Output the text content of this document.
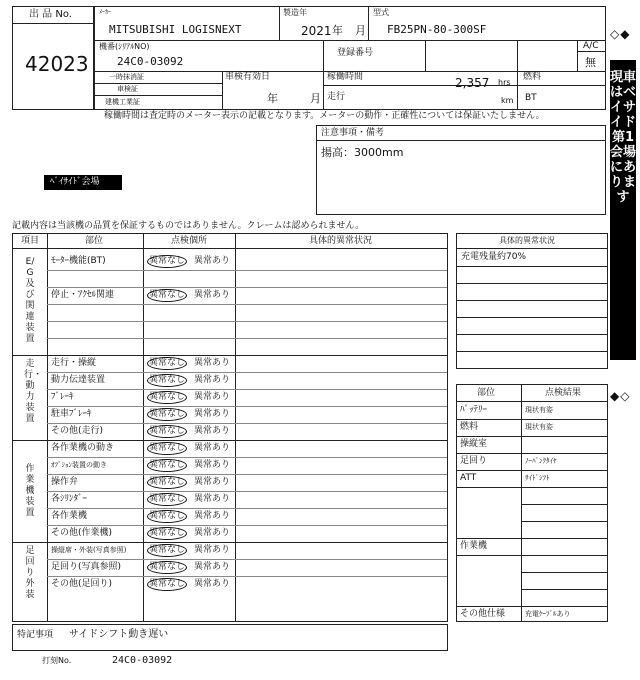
出 品 No.
42023
ﾒｰｶｰ
MITSUBISHI LOGISNEXT
製造年
2021 年 月
型式
FB25PN-80-300SF
機番(ｼﾘｱﾙNO)
24C0-03092
登録番号
A/C
無
一時抹消証
車検証
建機工業証
車検有効日
年	月
稼働時間	2,357 hrs
走行	km
燃料
BT
稼働時間は査定時のメーター表示の記載となります。メーターの動作・正確性については保証いたしません。
注意事項・備考
揚高：3000mm
ﾍﾞｲｻｲﾄﾞ会場
◇◆
現車はベイサイド第1会場にあります
◆◇
記載内容は当該機の品質を保証するものではありません。クレームは認められません。
項目	部位	点検個所	具体的異常状況
ﾓｰﾀｰ機能(BT)	異常なし 異常あり
停止・ｱｸｾﾙ関連	異常なし 異常あり
E/G及び関連装置
走行・操縦	異常なし 異常あり
動力伝達装置	異常なし 異常あり
ﾌﾞﾚｰｷ	異常なし 異常あり
駐車ﾌﾞﾚｰｷ	異常なし 異常あり
その他(走行)	異常なし 異常あり
走行・動力装置
各作業機の動き	異常なし 異常あり
ｵﾌﾟｼｮﾝ装置の動き	異常なし 異常あり
操作弁	異常なし 異常あり
各ｼﾘﾝﾀﾞｰ	異常なし 異常あり
各作業機	異常なし 異常あり
その他(作業機)	異常なし 異常あり
作業機装置
操縦席・外装(写真参照)	異常なし 異常あり
足回り(写真参照)	異常なし 異常あり
その他(足回り)	異常なし 異常あり
足回り外装
特記事項 サイドシフト動き遅い
打刻No.	24C0-03092
具体的異常状況
充電残量約70%
部位	点検結果
ﾊﾞｯﾃﾘｰ	現状有姿
燃料	現状有姿
操縦室
足回り	ﾉｰﾊﾟﾝｸﾀｲﾔ
ATT	ｻｲﾄﾞｼﾌﾄ
作業機
その他仕様	充電ｹｰﾌﾞﾙあり
